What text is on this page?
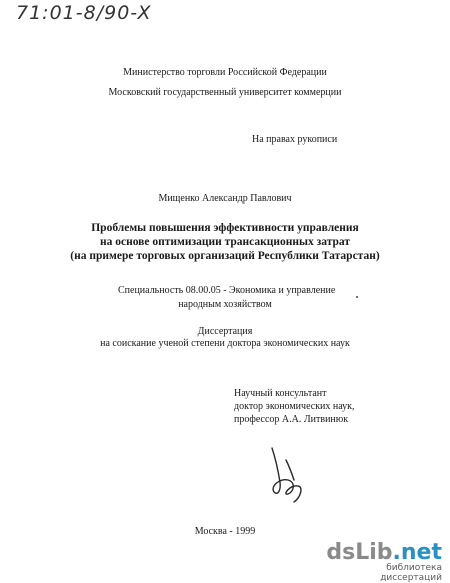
71:01-8/90-X
Министерство торговли Российской Федерации
Московский государственный университет коммерции
На правах рукописи
Мищенко Александр Павлович
Проблемы повышения эффективности управления
на основе оптимизации трансакционных затрат
(на примере торговых организаций Республики Татарстан)
Специальность 08.00.05 - Экономика и управление
народным хозяйством
Диссертация
на соискание ученой степени доктора экономических наук
Научный консультант
доктор экономических наук,
профессор А.А. Литвинюк
Москва - 1999
dsLib .net
библиотека диссертаций
